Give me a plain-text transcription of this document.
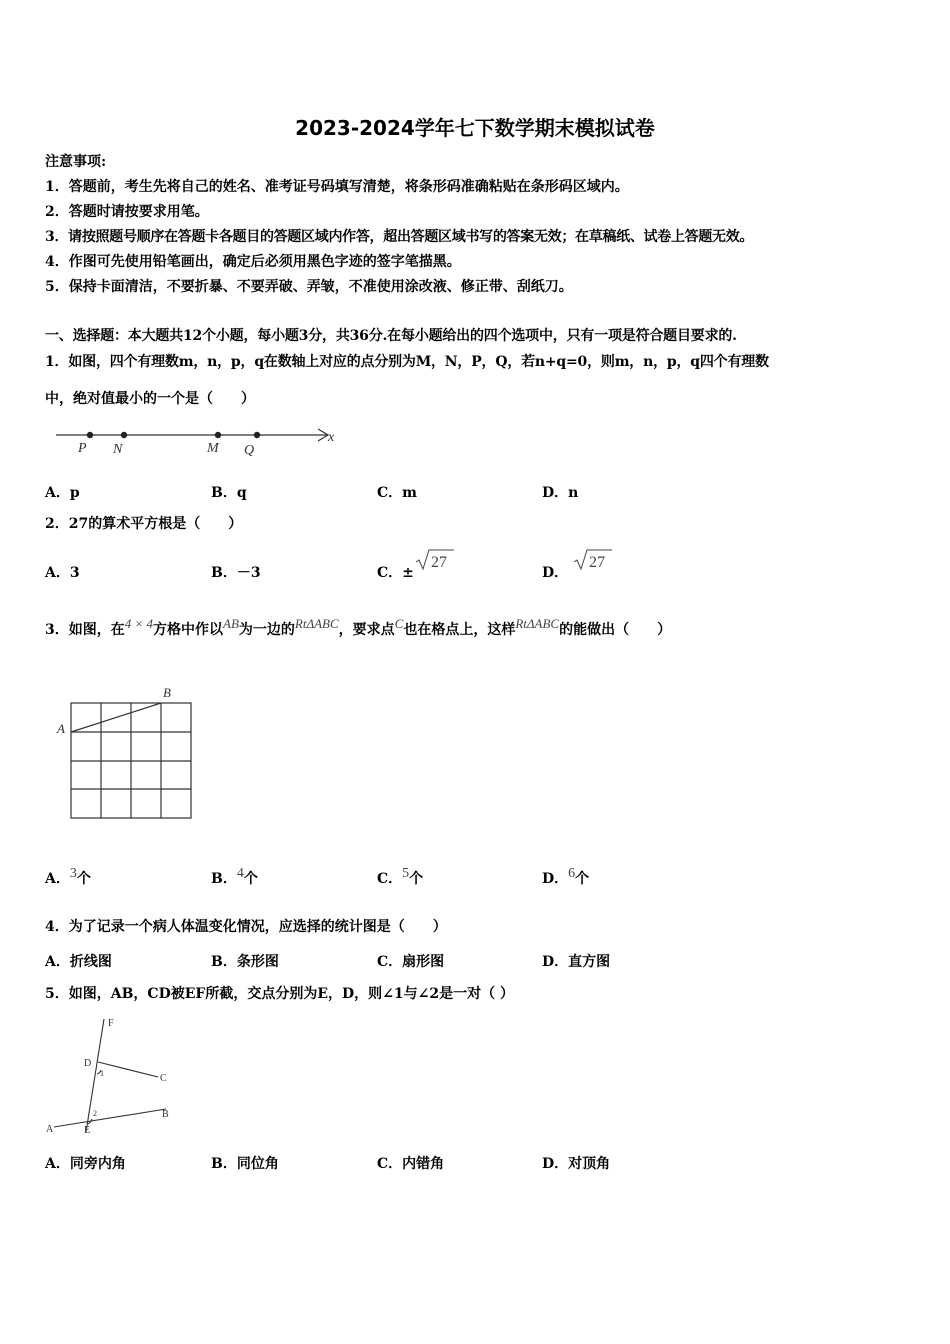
2023-2024学年七下数学期末模拟试卷
注意事项:
1．答题前，考生先将自己的姓名、准考证号码填写清楚，将条形码准确粘贴在条形码区域内。
2．答题时请按要求用笔。
3．请按照题号顺序在答题卡各题目的答题区域内作答，超出答题区域书写的答案无效；在草稿纸、试卷上答题无效。
4．作图可先使用铅笔画出，确定后必须用黑色字迹的签字笔描黑。
5．保持卡面清洁，不要折暴、不要弄破、弄皱，不准使用涂改液、修正带、刮纸刀。
一、选择题：本大题共12个小题，每小题3分，共36分.在每小题给出的四个选项中，只有一项是符合题目要求的.
1．如图，四个有理数m，n，p，q在数轴上对应的点分别为M，N，P，Q，若n+q=0，则m，n，p，q四个有理数
中，绝对值最小的一个是（　　）
P N	M Q
x
A．p	B．q	C．m	D．n
2．27的算术平方根是（　　）
A．3	B．－3	C．±
27
D．
27
3．如图，在4 × 4方格中作以AB为一边的RtΔABC，要求点C也在格点上，这样RtΔABC的能做出（　　）
A
B
A．3个	B．4个	C．5个	D．6个
4．为了记录一个病人体温变化情况，应选择的统计图是（　　）
A．折线图	B．条形图	C．扇形图	D．直方图
5．如图，AB，CD被EF所截，交点分别为E，D，则∠1与∠2是一对（ ）
F
D
C
1
2
A	E
B
A．同旁内角	B．同位角	C．内错角	D．对顶角
